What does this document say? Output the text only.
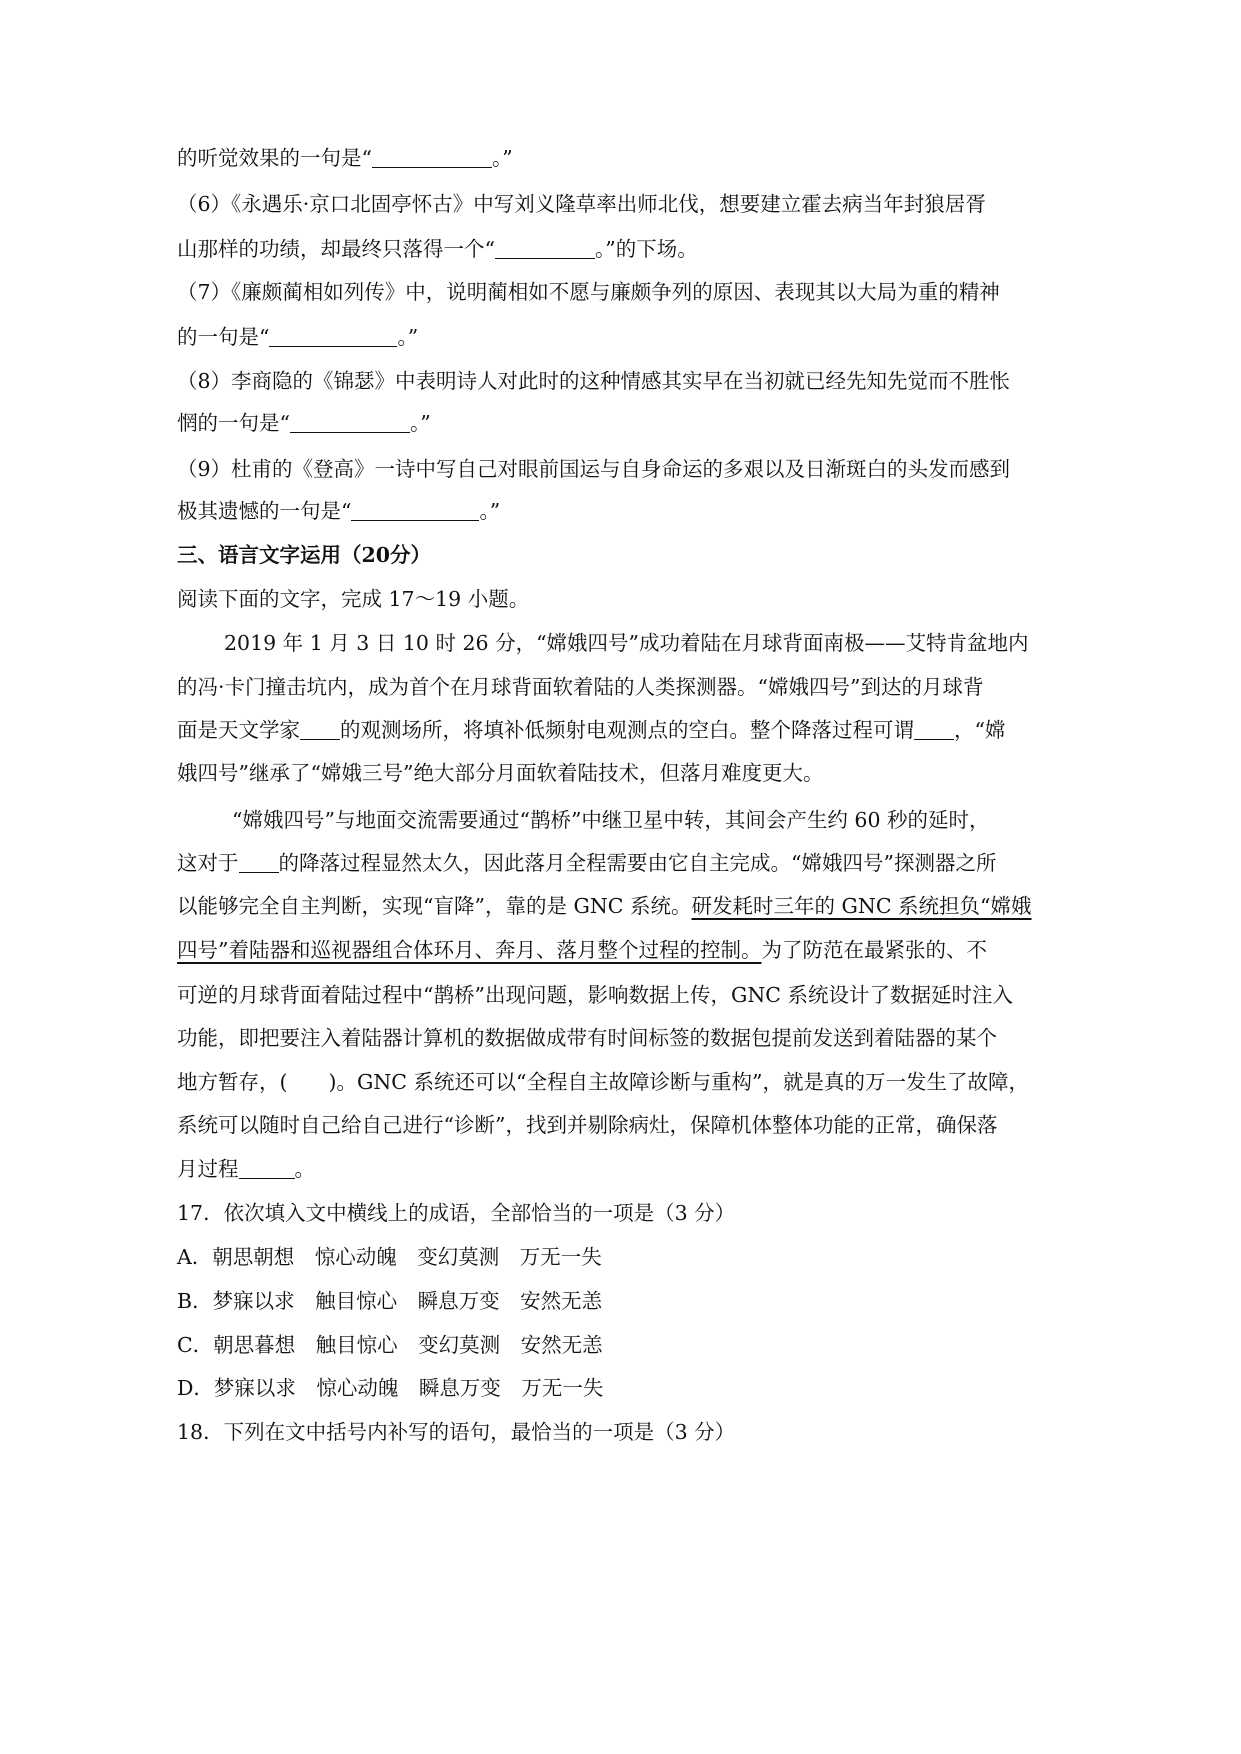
的听觉效果的一句是“	。”
（6）《永遇乐·京口北固亭怀古》中写刘义隆草率出师北伐，想要建立霍去病当年封狼居胥
山那样的功绩，却最终只落得一个“	。”的下场。
（7）《廉颇蔺相如列传》中，说明蔺相如不愿与廉颇争列的原因、表现其以大局为重的精神
的一句是“	。”
（8）李商隐的《锦瑟》中表明诗人对此时的这种情感其实早在当初就已经先知先觉而不胜怅
惘的一句是“	。”
（9）杜甫的《登高》一诗中写自己对眼前国运与自身命运的多艰以及日渐斑白的头发而感到
极其遗憾的一句是“	。”
三、语言文字运用（20分）
阅读下面的文字，完成 17～19 小题。
2019 年 1 月 3 日 10 时 26 分，“嫦娥四号”成功着陆在月球背面南极——艾特肯盆地内
的冯·卡门撞击坑内，成为首个在月球背面软着陆的人类探测器。“嫦娥四号”到达的月球背
面是天文学家 的观测场所，将填补低频射电观测点的空白。整个降落过程可谓 ，“嫦
娥四号”继承了“嫦娥三号”绝大部分月面软着陆技术，但落月难度更大。
“嫦娥四号”与地面交流需要通过“鹊桥”中继卫星中转，其间会产生约 60 秒的延时，
这对于 的降落过程显然太久，因此落月全程需要由它自主完成。“嫦娥四号”探测器之所
以能够完全自主判断，实现“盲降”，靠的是 GNC 系统。研发耗时三年的 GNC 系统担负“嫦娥
四号”着陆器和巡视器组合体环月、奔月、落月整个过程的控制。为了防范在最紧张的、不
可逆的月球背面着陆过程中“鹊桥”出现问题，影响数据上传，GNC 系统设计了数据延时注入
功能，即把要注入着陆器计算机的数据做成带有时间标签的数据包提前发送到着陆器的某个
地方暂存，(　　)。GNC 系统还可以“全程自主故障诊断与重构”，就是真的万一发生了故障，
系统可以随时自己给自己进行“诊断”，找到并剔除病灶，保障机体整体功能的正常，确保落
月过程	。
17．依次填入文中横线上的成语，全部恰当的一项是（3 分）
A．朝思朝想　惊心动魄　变幻莫测　万无一失
B．梦寐以求　触目惊心　瞬息万变　安然无恙
C．朝思暮想　触目惊心　变幻莫测　安然无恙
D．梦寐以求　惊心动魄　瞬息万变　万无一失
18．下列在文中括号内补写的语句，最恰当的一项是（3 分）
